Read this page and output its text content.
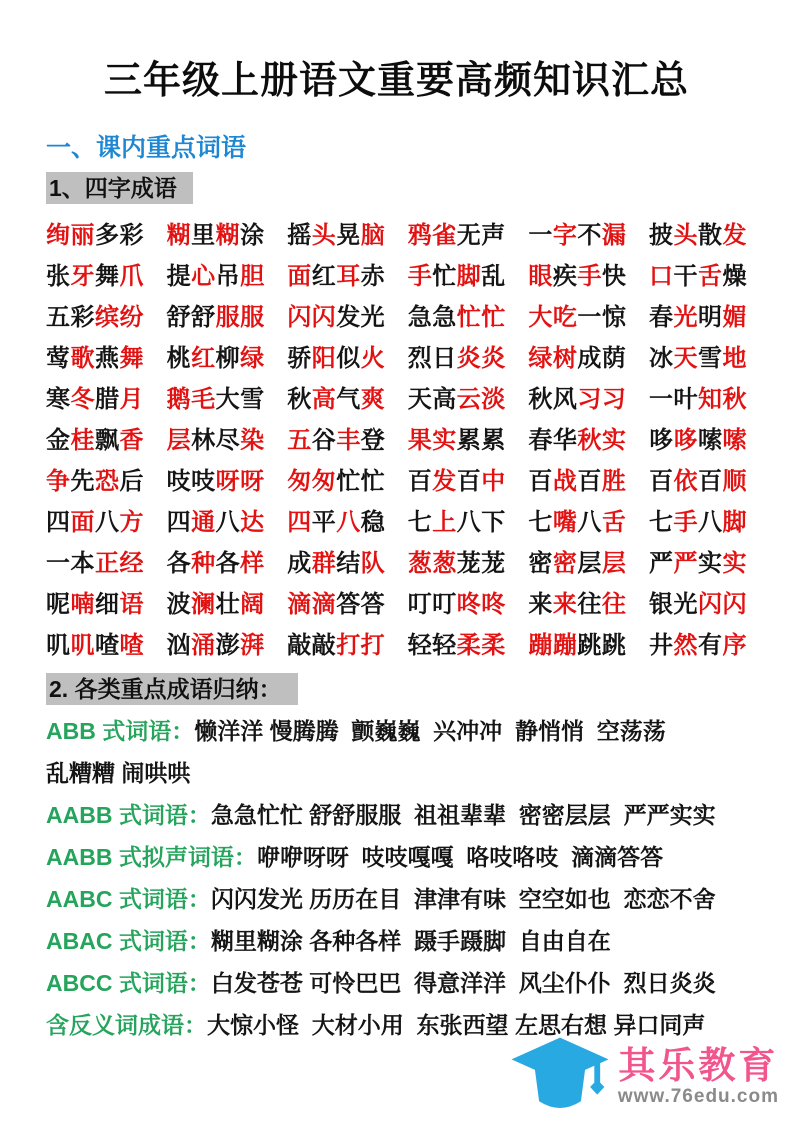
三年级上册语文重要高频知识汇总
一、课内重点词语
1、四字成语
绚丽多彩 糊里糊涂 摇头晃脑 鸦雀无声 一字不漏 披头散发
张牙舞爪 提心吊胆 面红耳赤 手忙脚乱 眼疾手快 口干舌燥
五彩缤纷 舒舒服服 闪闪发光 急急忙忙 大吃一惊 春光明媚
莺歌燕舞 桃红柳绿 骄阳似火 烈日炎炎 绿树成荫 冰天雪地
寒冬腊月 鹅毛大雪 秋高气爽 天高云淡 秋风习习 一叶知秋
金桂飘香 层林尽染 五谷丰登 果实累累 春华秋实 哆哆嗦嗦
争先恐后 吱吱呀呀 匆匆忙忙 百发百中 百战百胜 百依百顺
四面八方 四通八达 四平八稳 七上八下 七嘴八舌 七手八脚
一本正经 各种各样 成群结队 葱葱茏茏 密密层层 严严实实
呢喃细语 波澜壮阔 滴滴答答 叮叮咚咚 来来往往 银光闪闪
叽叽喳喳 汹涌澎湃 敲敲打打 轻轻柔柔 蹦蹦跳跳 井然有序
2. 各类重点成语归纳：
ABB 式词语：懒洋洋 慢腾腾  颤巍巍  兴冲冲  静悄悄  空荡荡
乱糟糟 闹哄哄
AABB 式词语：急急忙忙 舒舒服服  祖祖辈辈  密密层层  严严实实
AABB 式拟声词语：咿咿呀呀  吱吱嘎嘎  咯吱咯吱  滴滴答答
AABC 式词语：闪闪发光 历历在目  津津有味  空空如也  恋恋不舍
ABAC 式词语：糊里糊涂 各种各样  蹑手蹑脚  自由自在
ABCC 式词语：白发苍苍 可怜巴巴  得意洋洋  风尘仆仆  烈日炎炎
含反义词成语：大惊小怪  大材小用  东张西望 左思右想 异口同声
其乐教育
www.76edu.com
